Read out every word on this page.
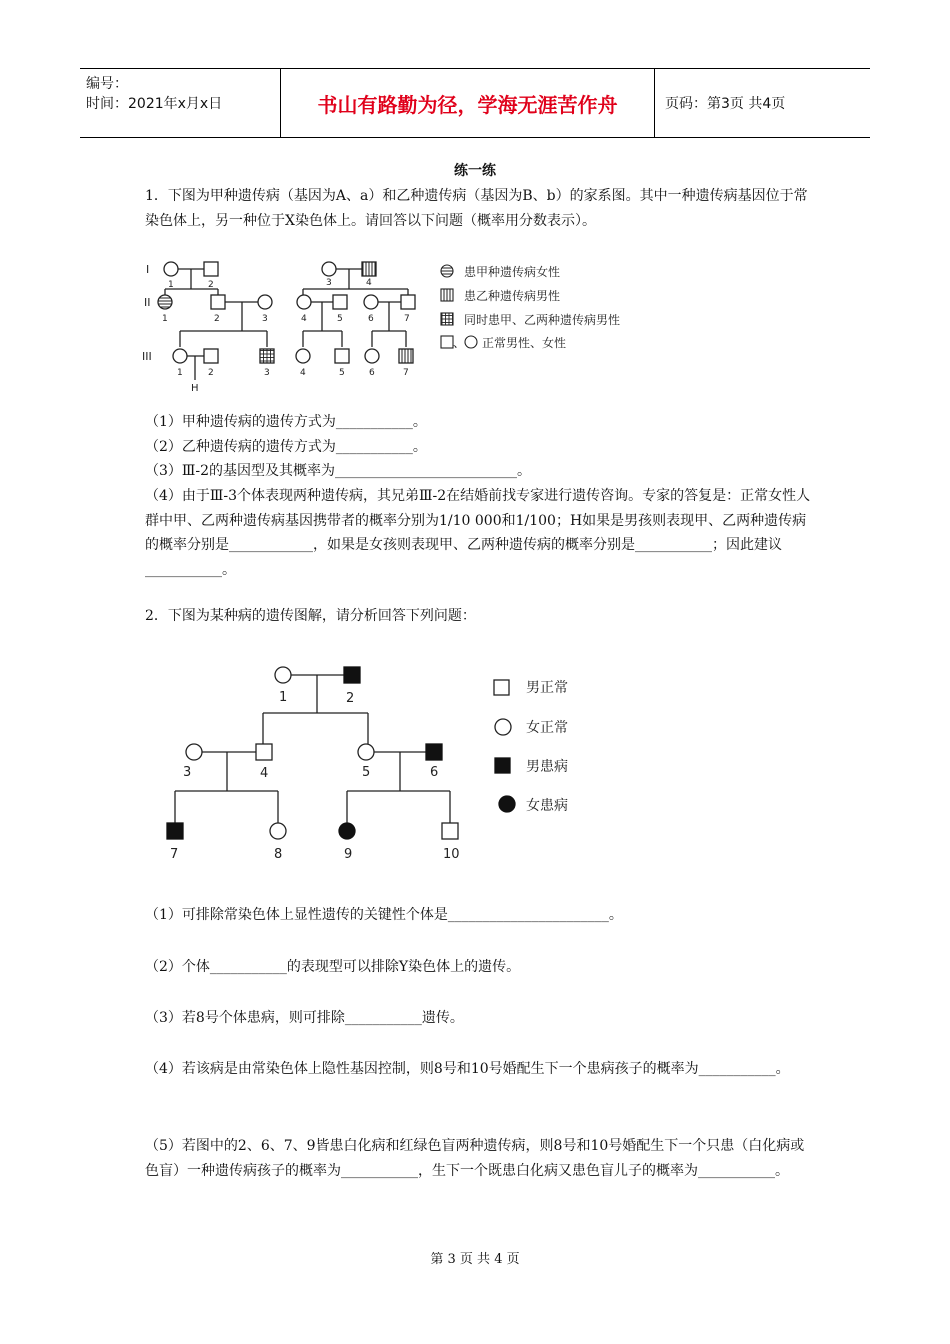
编号：
时间：2021年x月x日	书山有路勤为径，学海无涯苦作舟	页码：第3页 共4页
练一练
1．下图为甲种遗传病（基因为A、a）和乙种遗传病（基因为B、b）的家系图。其中一种遗传病基因位于常染色体上，另一种位于X染色体上。请回答以下问题（概率用分数表示）。
I
II
III
1	2	3	4
1	2	3	4	5	6	7
1	2	3	4	5	6	7
H
患甲种遗传病女性
患乙种遗传病男性
同时患甲、乙两种遗传病男性
、 正常男性、女性
（1）甲种遗传病的遗传方式为___________。
（2）乙种遗传病的遗传方式为___________。
（3）Ⅲ-2的基因型及其概率为__________________________。
（4）由于Ⅲ-3个体表现两种遗传病，其兄弟Ⅲ-2在结婚前找专家进行遗传咨询。专家的答复是：正常女性人群中甲、乙两种遗传病基因携带者的概率分别为1/10 000和1/100；H如果是男孩则表现甲、乙两种遗传病的概率分别是____________，如果是女孩则表现甲、乙两种遗传病的概率分别是___________；因此建议___________。
2．下图为某种病的遗传图解，请分析回答下列问题：
1	2
3	4	5	6
7	8	9	10
男正常
女正常
男患病
女患病
（1）可排除常染色体上显性遗传的关键性个体是_______________________。
（2）个体___________的表现型可以排除Y染色体上的遗传。
（3）若8号个体患病，则可排除___________遗传。
（4）若该病是由常染色体上隐性基因控制，则8号和10号婚配生下一个患病孩子的概率为___________。
（5）若图中的2、6、7、9皆患白化病和红绿色盲两种遗传病，则8号和10号婚配生下一个只患（白化病或色盲）一种遗传病孩子的概率为___________，生下一个既患白化病又患色盲儿子的概率为___________。
第 3 页 共 4 页
